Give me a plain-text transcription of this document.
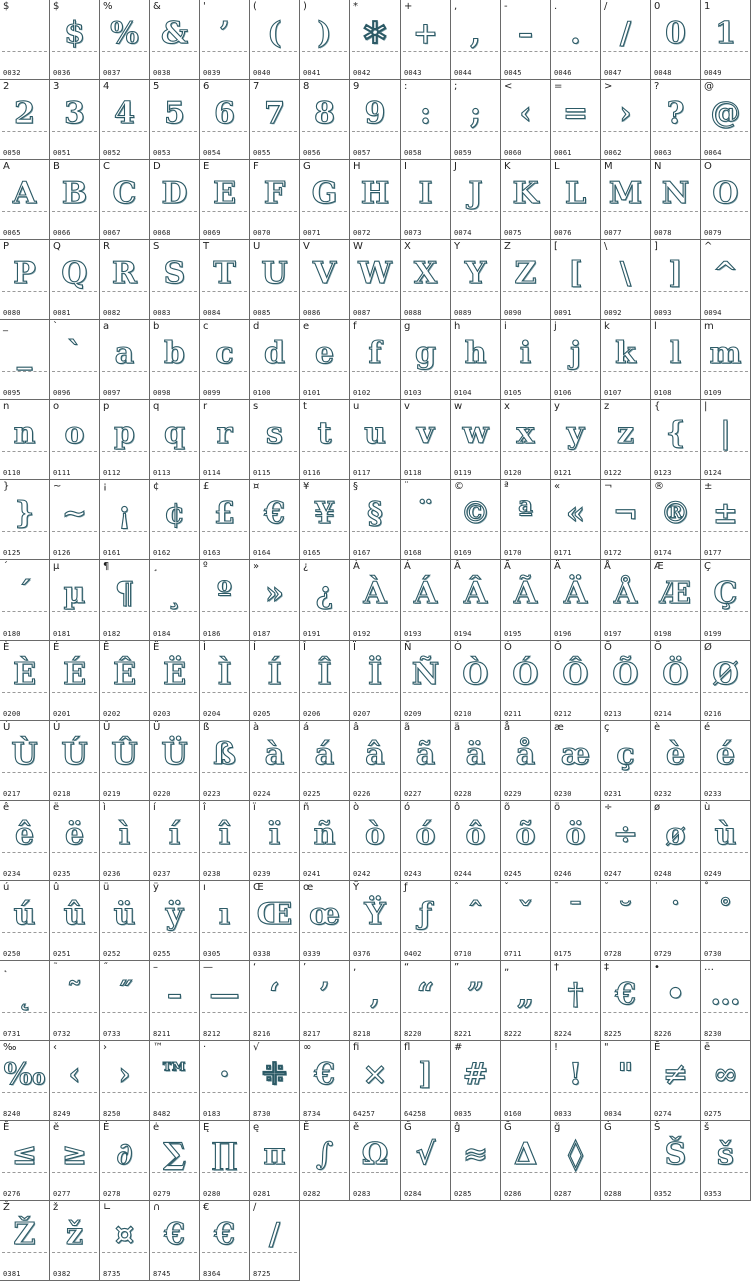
$
0032
$
$
0036
%
%
0037
&
&
0038
'
’
0039
(
(
0040
)
)
0041
*
✲
0042
+
+
0043
,
,
0044
-
–
0045
.
.
0046
/
/
0047
0
0
0048
1
1
0049
2
2
0050
3
3
0051
4
4
0052
5
5
0053
6
6
0054
7
7
0055
8
8
0056
9
9
0057
:
:
0058
;
;
0059
<
‹
0060
=
=
0061
>
›
0062
?
?
0063
@
@
0064
A
A
0065
B
B
0066
C
C
0067
D
D
0068
E
E
0069
F
F
0070
G
G
0071
H
H
0072
I
I
0073
J
J
0074
K
K
0075
L
L
0076
M
M
0077
N
N
0078
O
O
0079
P
P
0080
Q
Q
0081
R
R
0082
S
S
0083
T
T
0084
U
U
0085
V
V
0086
W
W
0087
X
X
0088
Y
Y
0089
Z
Z
0090
[
[
0091
\
\
0092
]
]
0093
^
^
0094
_
_
0095
`
ˋ
0096
a
a
0097
b
b
0098
c
c
0099
d
d
0100
e
e
0101
f
f
0102
g
g
0103
h
h
0104
i
i
0105
j
j
0106
k
k
0107
l
l
0108
m
m
0109
n
n
0110
o
o
0111
p
p
0112
q
q
0113
r
r
0114
s
s
0115
t
t
0116
u
u
0117
v
v
0118
w
w
0119
x
x
0120
y
y
0121
z
z
0122
{
{
0123
|
|
0124
}
}
0125
~
~
0126
¡
¡
0161
¢
¢
0162
£
£
0163
¤
€
0164
¥
¥
0165
§
§
0167
¨
¨
0168
©
©
0169
ª
ª
0170
«
«
0171
¬
¬
0172
®
®
0174
±
±
0177
´
´
0180
µ
µ
0181
¶
¶
0182
¸
¸
0184
º
º
0186
»
»
0187
¿
¿
0191
À
À
0192
Á
Á
0193
Â
Â
0194
Ã
Ã
0195
Ä
Ä
0196
Å
Å
0197
Æ
Æ
0198
Ç
Ç
0199
È
È
0200
É
É
0201
Ê
Ê
0202
Ë
Ë
0203
Ì
Ì
0204
Í
Í
0205
Î
Î
0206
Ï
Ï
0207
Ñ
Ñ
0209
Ò
Ò
0210
Ó
Ó
0211
Ô
Ô
0212
Õ
Õ
0213
Ö
Ö
0214
Ø
Ø
0216
Ù
Ù
0217
Ú
Ú
0218
Û
Û
0219
Ü
Ü
0220
ß
ß
0223
à
à
0224
á
á
0225
â
â
0226
ã
ã
0227
ä
ä
0228
å
å
0229
æ
æ
0230
ç
ç
0231
è
è
0232
é
é
0233
ê
ê
0234
ë
ë
0235
ì
ì
0236
í
í
0237
î
î
0238
ï
ï
0239
ñ
ñ
0241
ò
ò
0242
ó
ó
0243
ô
ô
0244
õ
õ
0245
ö
ö
0246
÷
÷
0247
ø
ø
0248
ù
ù
0249
ú
ú
0250
û
û
0251
ü
ü
0252
ÿ
ÿ
0255
ı
ı
0305
Œ
Œ
0338
œ
œ
0339
Ÿ
Ÿ
0376
ƒ
ƒ
0402
ˆ
ˆ
0710
ˇ
ˇ
0711
¯
¯
0175
˘
˘
0728
˙
˙
0729
˚
˚
0730
˛
˛
0731
˜
˜
0732
˝
˝
0733
–
–
8211
—
—
8212
‘
‘
8216
’
’
8217
‚
‚
8218
“
“
8220
”
”
8221
„
„
8222
†
†
8224
‡
€
8225
•
•
8226
…
…
8230
‰
‰
8240
‹
‹
8249
›
›
8250
™
™
8482
·
·
0183
√
⁜
8730
∞
€
8734
ﬁ
×
64257
ﬂ
]
64258
#
#
0035	0160
!
!
0033
"
"
0034
Ē
≠
0274
ē
∞
0275
Ĕ
≤
0276
ĕ
≥
0277
Ė
∂
0278
ė
∑
0279
Ę
∏
0280
ę
π
0281
Ě
∫
0282
ě
Ω
0283
Ĝ
√
0284
ĝ
≈
0285
Ğ
∆
0286
ğ
◊
0287
Ġ
0288
Š
Š
0352
š
š
0353
Ž
Ž
0381
ž
ž
0382
∟
¤
8735
∩
€
8745
€
€
8364
∕
/
8725
